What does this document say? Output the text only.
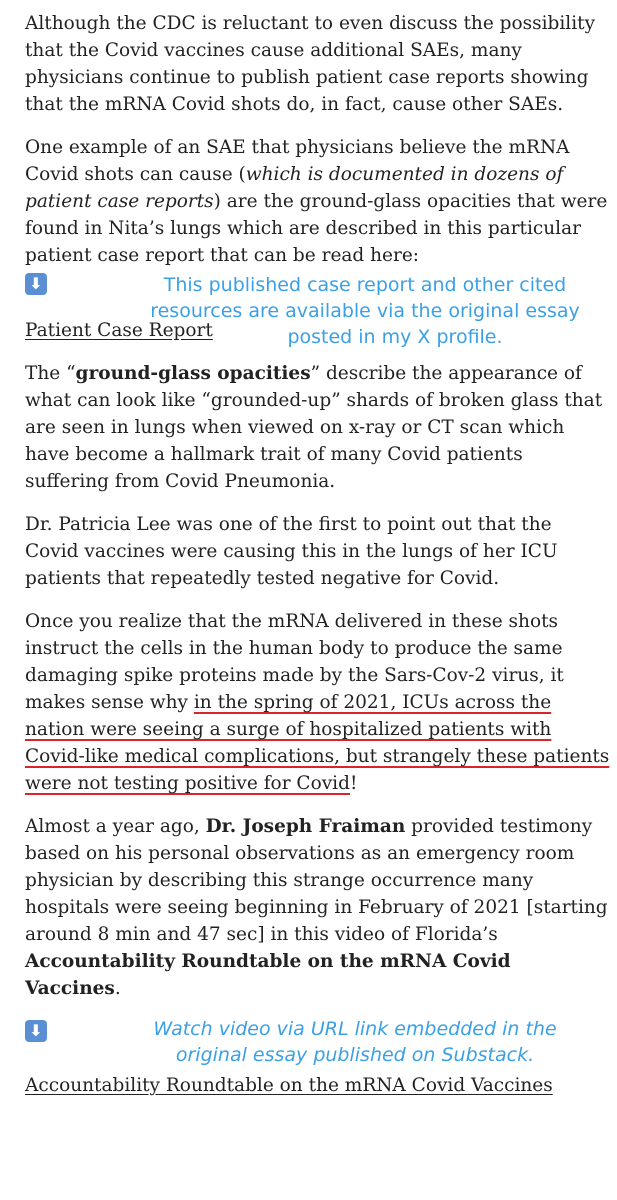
Although the CDC is reluctant to even discuss the possibility that the Covid vaccines cause additional SAEs, many physicians continue to publish patient case reports showing that the mRNA Covid shots do, in fact, cause other SAEs.

One example of an SAE that physicians believe the mRNA Covid shots can cause (which is documented in dozens of patient case reports) are the ground-glass opacities that were found in Nita’s lungs which are described in this particular patient case report that can be read here:

⬇	This published case report and other cited
resources are available via the original essay
posted in my X profile.
Patient Case Report

The “ground-glass opacities” describe the appearance of what can look like “grounded-up” shards of broken glass that are seen in lungs when viewed on x-ray or CT scan which have become a hallmark trait of many Covid patients suffering from Covid Pneumonia.

Dr. Patricia Lee was one of the first to point out that the Covid vaccines were causing this in the lungs of her ICU patients that repeatedly tested negative for Covid.

Once you realize that the mRNA delivered in these shots instruct the cells in the human body to produce the same damaging spike proteins made by the Sars-Cov-2 virus, it makes sense why in the spring of 2021, ICUs across the nation were seeing a surge of hospitalized patients with Covid-like medical complications, but strangely these patients were not testing positive for Covid!

Almost a year ago, Dr. Joseph Fraiman provided testimony based on his personal observations as an emergency room physician by describing this strange occurrence many hospitals were seeing beginning in February of 2021 [starting around 8 min and 47 sec] in this video of Florida’s Accountability Roundtable on the mRNA Covid Vaccines.

⬇	Watch video via URL link embedded in the
original essay published on Substack.
Accountability Roundtable on the mRNA Covid Vaccines
